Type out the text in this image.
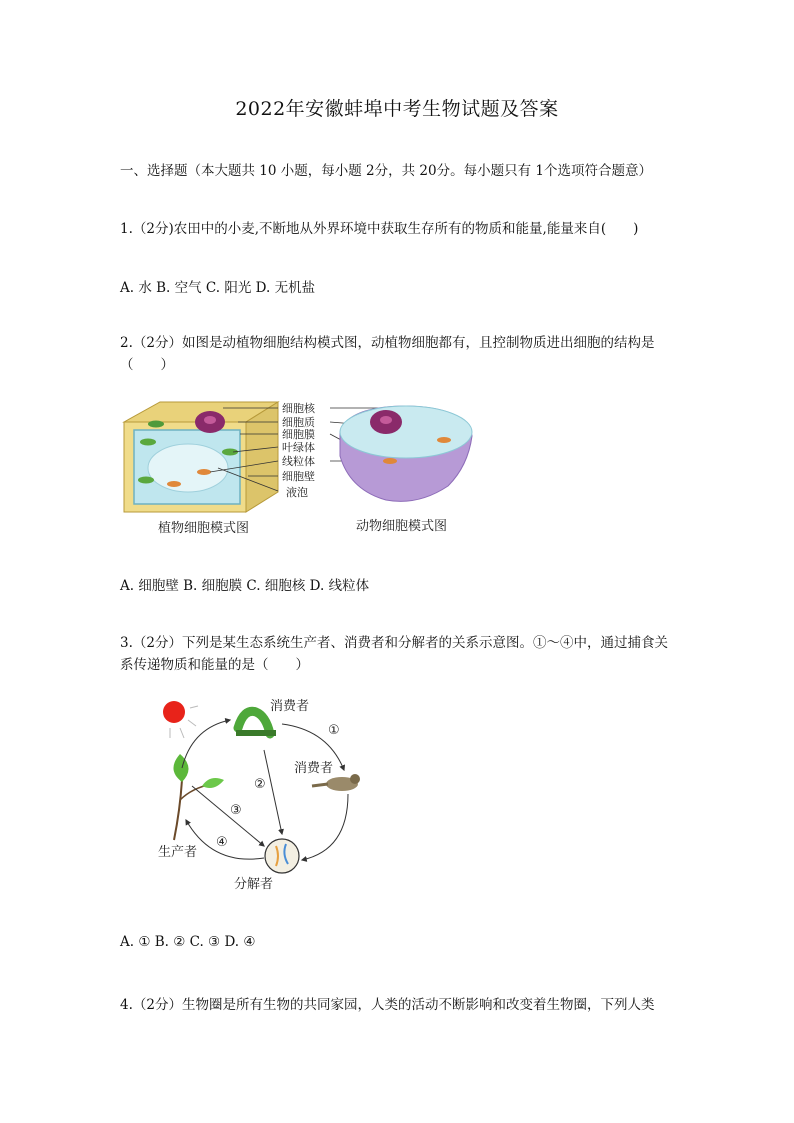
2022年安徽蚌埠中考生物试题及答案
一、选择题（本大题共 10 小题，每小题 2分，共 20分。每小题只有 1个选项符合题意）
1.（2分)农田中的小麦,不断地从外界环境中获取生存所有的物质和能量,能量来自(　　)
A. 水 B. 空气 C. 阳光 D. 无机盐
2.（2分）如图是动植物细胞结构模式图，动植物细胞都有，且控制物质进出细胞的结构是（　　）
细胞核
细胞质
细胞膜
叶绿体
线粒体
细胞壁
液泡
植物细胞模式图	动物细胞模式图
A. 细胞壁 B. 细胞膜 C. 细胞核 D. 线粒体
3.（2分）下列是某生态系统生产者、消费者和分解者的关系示意图。①～④中，通过捕食关系传递物质和能量的是（　　）
消费者
消费者
生产者
分解者
①
②
③
④
A. ① B. ② C. ③ D. ④
4.（2分）生物圈是所有生物的共同家园，人类的活动不断影响和改变着生物圈，下列人类
